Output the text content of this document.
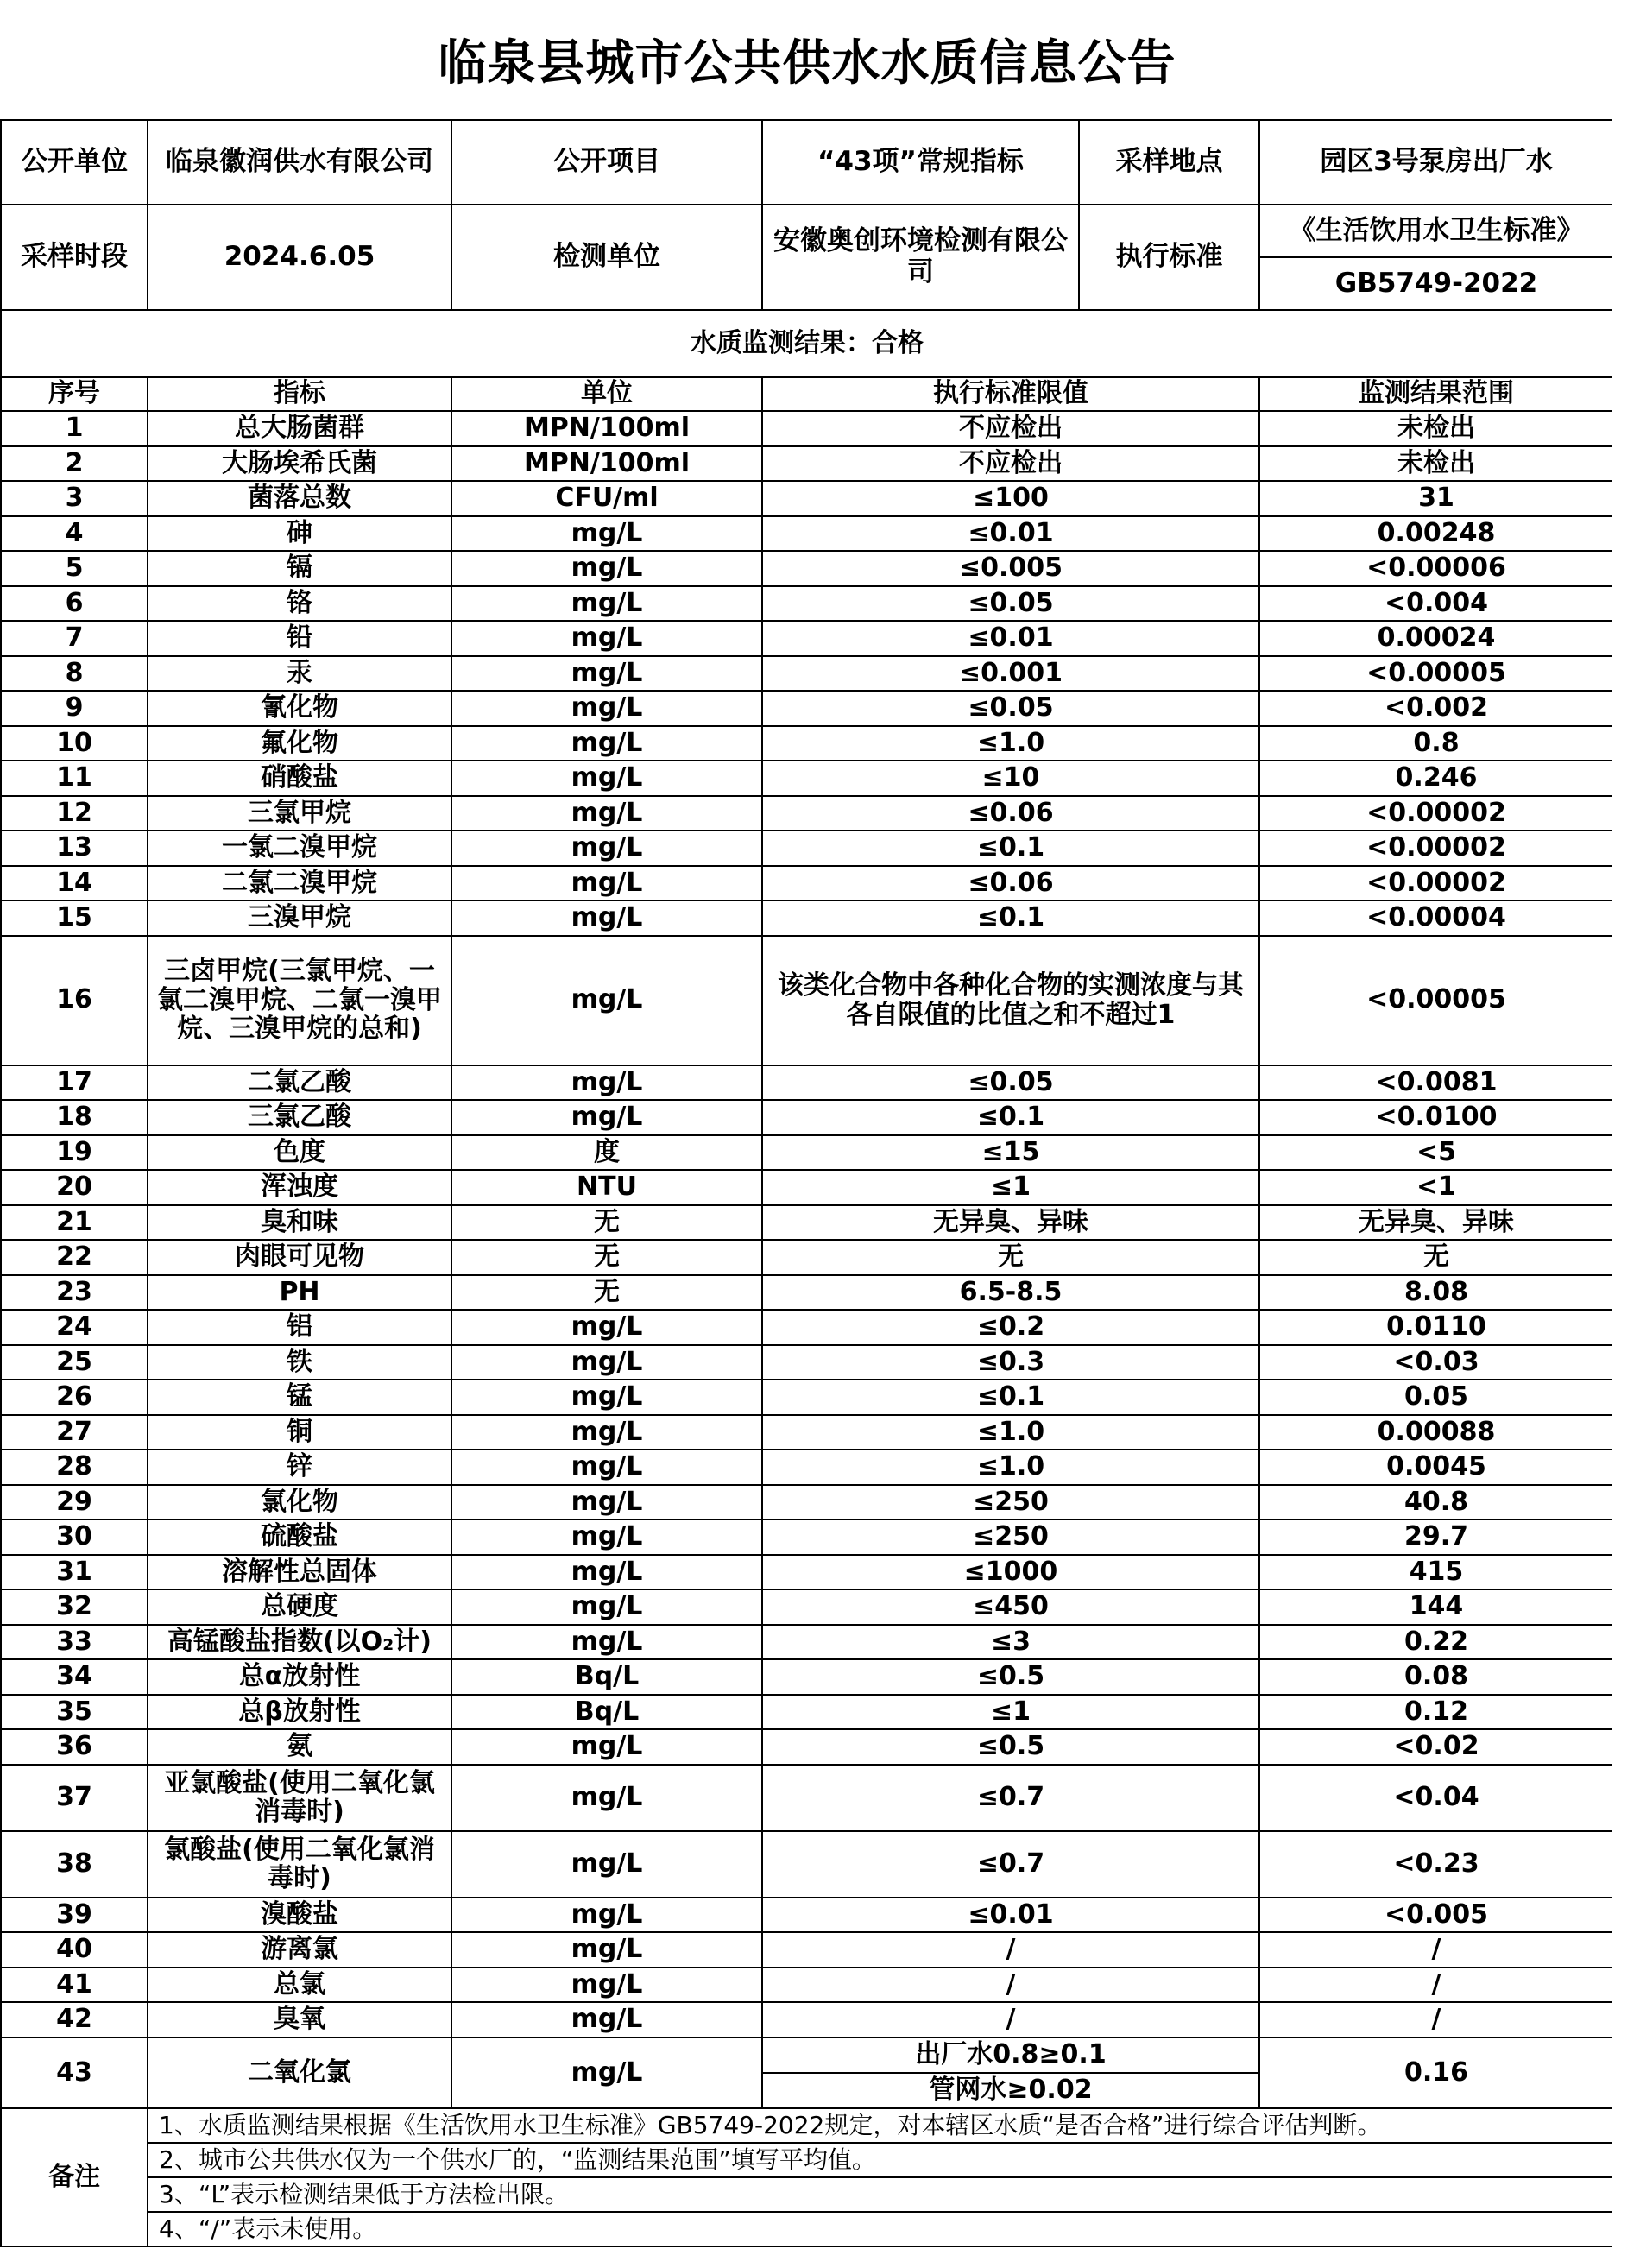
临泉县城市公共供水水质信息公告
公开单位	临泉徽润供水有限公司	公开项目	“43项”常规指标	采样地点	园区3号泵房出厂水
采样时段	2024.6.05	检测单位	安徽奥创环境检测有限公司	执行标准	《生活饮用水卫生标准》
GB5749-2022

水质监测结果：合格					
序号	指标	单位	执行标准限值		监测结果范围
1	总大肠菌群	MPN/100ml	不应检出		未检出
2	大肠埃希氏菌	MPN/100ml	不应检出		未检出
3	菌落总数	CFU/ml	≤100		31
4	砷	mg/L	≤0.01		0.00248
5	镉	mg/L	≤0.005		<0.00006
6	铬	mg/L	≤0.05		<0.004
7	铅	mg/L	≤0.01		0.00024
8	汞	mg/L	≤0.001		<0.00005
9	氰化物	mg/L	≤0.05		<0.002
10	氟化物	mg/L	≤1.0		0.8
11	硝酸盐	mg/L	≤10		0.246
12	三氯甲烷	mg/L	≤0.06		<0.00002
13	一氯二溴甲烷	mg/L	≤0.1		<0.00002
14	二氯二溴甲烷	mg/L	≤0.06		<0.00002
15	三溴甲烷	mg/L	≤0.1		<0.00004
16	三卤甲烷(三氯甲烷、一氯二溴甲烷、二氯一溴甲烷、三溴甲烷的总和)	mg/L	该类化合物中各种化合物的实测浓度与其各自限值的比值之和不超过1		<0.00005
17	二氯乙酸	mg/L	≤0.05		<0.0081
18	三氯乙酸	mg/L	≤0.1		<0.0100
19	色度	度	≤15		<5
20	浑浊度	NTU	≤1		<1
21	臭和味	无	无异臭、异味		无异臭、异味
22	肉眼可见物	无	无		无
23	PH	无	6.5-8.5		8.08
24	铝	mg/L	≤0.2		0.0110
25	铁	mg/L	≤0.3		<0.03
26	锰	mg/L	≤0.1		0.05
27	铜	mg/L	≤1.0		0.00088
28	锌	mg/L	≤1.0		0.0045
29	氯化物	mg/L	≤250		40.8
30	硫酸盐	mg/L	≤250		29.7
31	溶解性总固体	mg/L	≤1000		415
32	总硬度	mg/L	≤450		144
33	高锰酸盐指数(以O₂计)	mg/L	≤3		0.22
34	总α放射性	Bq/L	≤0.5		0.08
35	总β放射性	Bq/L	≤1		0.12
36	氨	mg/L	≤0.5		<0.02
37	亚氯酸盐(使用二氧化氯消毒时)	mg/L	≤0.7		<0.04
38	氯酸盐(使用二氧化氯消毒时)	mg/L	≤0.7		<0.23
39	溴酸盐	mg/L	≤0.01		<0.005
40	游离氯	mg/L	/		/
41	总氯	mg/L	/		/
42	臭氧	mg/L	/		/
43	二氧化氯	mg/L	出厂水0.8≥0.1
管网水≥0.02		0.16
备注	1、水质监测结果根据《生活饮用水卫生标准》GB5749-2022规定，对本辖区水质“是否合格”进行综合评估判断。				
	2、城市公共供水仅为一个供水厂的，“监测结果范围”填写平均值。				
	3、“L”表示检测结果低于方法检出限。				
	4、“/”表示未使用。				
